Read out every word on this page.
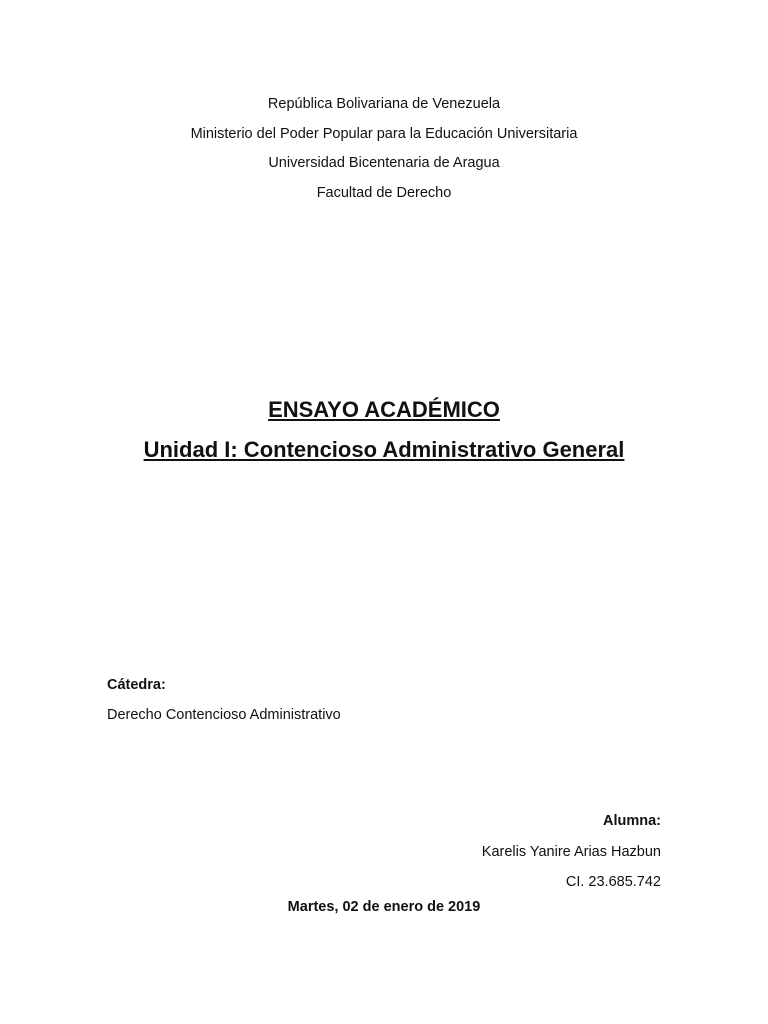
República Bolivariana de Venezuela
Ministerio del Poder Popular para la Educación Universitaria
Universidad Bicentenaria de Aragua
Facultad de Derecho
ENSAYO ACADÉMICO
Unidad I: Contencioso Administrativo General
Cátedra:
Derecho Contencioso Administrativo
Alumna:
Karelis Yanire Arias Hazbun
CI. 23.685.742
Martes, 02 de enero de 2019
